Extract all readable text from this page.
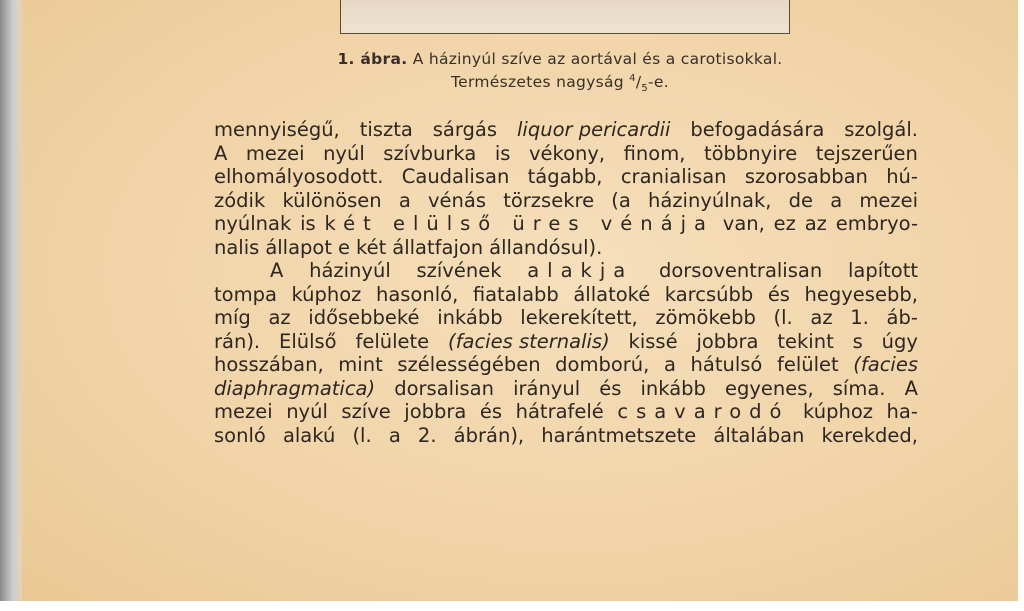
1. ábra. A házinyúl szíve az aortával és a carotisokkal.
Természetes nagyság $^4/_5-e$.
mennyiségű, tiszta sárgás liquor pericardii befogadására szolgál.
A mezei nyúl szívburka is vékony, finom, többnyire tejszerűen
elhomályosodott. Caudalisan tágabb, cranialisan szorosabban hú-
zódik különösen a vénás törzsekre (a házinyúlnak, de a mezei
nyúlnak is két elülső üres vénája van, ez az embryo-
nalis állapot e két állatfajon állandósul).
A házinyúl szívének alakja dorsoventralisan lapított
tompa kúphoz hasonló, fiatalabb állatoké karcsúbb és hegyesebb,
míg az idősebbeké inkább lekerekített, zömökebb (l. az 1. áb-
rán). Elülső felülete (facies sternalis) kissé jobbra tekint s úgy
hosszában, mint szélességében domború, a hátulsó felület (facies
diaphragmatica) dorsalisan irányul és inkább egyenes, síma. A
mezei nyúl szíve jobbra és hátrafelé csavarodó kúphoz ha-
sonló alakú (l. a 2. ábrán), harántmetszete általában kerekded,
